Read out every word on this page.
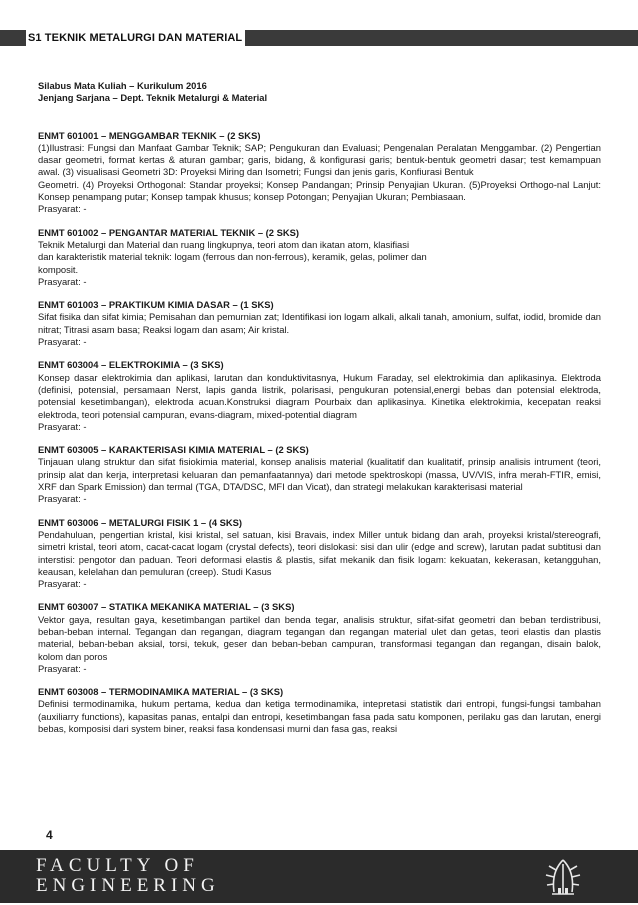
S1 TEKNIK METALURGI DAN MATERIAL
Silabus Mata Kuliah – Kurikulum 2016
Jenjang Sarjana – Dept. Teknik Metalurgi & Material
ENMT 601001 – MENGGAMBAR TEKNIK – (2 SKS)
(1)Ilustrasi: Fungsi dan Manfaat Gambar Teknik; SAP; Pengukuran dan Evaluasi; Pengenalan Peralatan Menggambar. (2) Pengertian dasar geometri, format kertas & aturan gambar; garis, bidang, & konfigurasi garis; bentuk-bentuk geometri dasar; test kemampuan awal. (3) visualisasi Geometri 3D: Proyeksi Miring dan Isometri; Fungsi dan jenis garis, Konfiurasi Bentuk
Geometri. (4) Proyeksi Orthogonal: Standar proyeksi; Konsep Pandangan; Prinsip Penyajian Ukuran. (5)Proyeksi Orthogo-nal Lanjut: Konsep penampang putar; Konsep tampak khusus; konsep Potongan; Penyajian Ukuran; Pembiasaan.
Prasyarat: -
ENMT 601002 – PENGANTAR MATERIAL TEKNIK – (2 SKS)
Teknik Metalurgi dan Material dan ruang lingkupnya, teori atom dan ikatan atom, klasifiasi
dan karakteristik material teknik: logam (ferrous dan non-ferrous), keramik, gelas, polimer dan
komposit.
Prasyarat: -
ENMT 601003 – PRAKTIKUM KIMIA DASAR – (1 SKS)
Sifat fisika dan sifat kimia; Pemisahan dan pemurnian zat; Identifikasi ion logam alkali, alkali tanah, amonium, sulfat, iodid, bromide dan nitrat; Titrasi asam basa; Reaksi logam dan asam; Air kristal.
Prasyarat: -
ENMT 603004 – ELEKTROKIMIA – (3 SKS)
Konsep dasar elektrokimia dan aplikasi, larutan dan konduktivitasnya, Hukum Faraday, sel elektrokimia dan aplikasinya. Elektroda (definisi, potensial, persamaan Nerst, lapis ganda listrik, polarisasi, pengukuran potensial,energi bebas dan potensial elektroda, potensial kesetimbangan), elektroda acuan.Konstruksi diagram Pourbaix dan aplikasinya. Kinetika elektrokimia, kecepatan reaksi elektroda, teori potensial campuran, evans-diagram, mixed-potential diagram
Prasyarat: -
ENMT 603005 – KARAKTERISASI KIMIA MATERIAL – (2 SKS)
Tinjauan ulang struktur dan sifat fisiokimia material, konsep analisis material (kualitatif dan kualitatif, prinsip analisis intrument (teori, prinsip alat dan kerja, interpretasi keluaran dan pemanfaatannya) dari metode spektroskopi (massa, UV/VIS, infra merah-FTIR, emisi, XRF dan Spark Emission) dan termal (TGA, DTA/DSC, MFI dan Vicat), dan strategi melakukan karakterisasi material
Prasyarat: -
ENMT 603006 – METALURGI FISIK 1 – (4 SKS)
Pendahuluan, pengertian kristal, kisi kristal, sel satuan, kisi Bravais, index Miller untuk bidang dan arah, proyeksi kristal/stereografi, simetri kristal, teori atom, cacat-cacat logam (crystal defects), teori dislokasi: sisi dan ulir (edge and screw), larutan padat subtitusi dan interstisi: pengotor dan paduan. Teori deformasi elastis & plastis, sifat mekanik dan fisik logam: kekuatan, kekerasan, ketangguhan, keausan, kelelahan dan pemuluran (creep). Studi Kasus
Prasyarat: -
ENMT 603007 – STATIKA MEKANIKA MATERIAL – (3 SKS)
Vektor gaya, resultan gaya, kesetimbangan partikel dan benda tegar, analisis struktur, sifat-sifat geometri dan beban terdistribusi, beban-beban internal. Tegangan dan regangan, diagram tegangan dan regangan material ulet dan getas, teori elastis dan plastis material, beban-beban aksial, torsi, tekuk, geser dan beban-beban campuran, transformasi tegangan dan regangan, disain balok, kolom dan poros
Prasyarat: -
ENMT 603008 – TERMODINAMIKA MATERIAL – (3 SKS)
Definisi termodinamika, hukum pertama, kedua dan ketiga termodinamika, intepretasi statistik dari entropi, fungsi-fungsi tambahan (auxiliarry functions), kapasitas panas, entalpi dan entropi, kesetimbangan fasa pada satu komponen, perilaku gas dan larutan, energi bebas, komposisi dari system biner, reaksi fasa kondensasi murni dan fasa gas, reaksi
4
FACULTY OF
ENGINEERING
